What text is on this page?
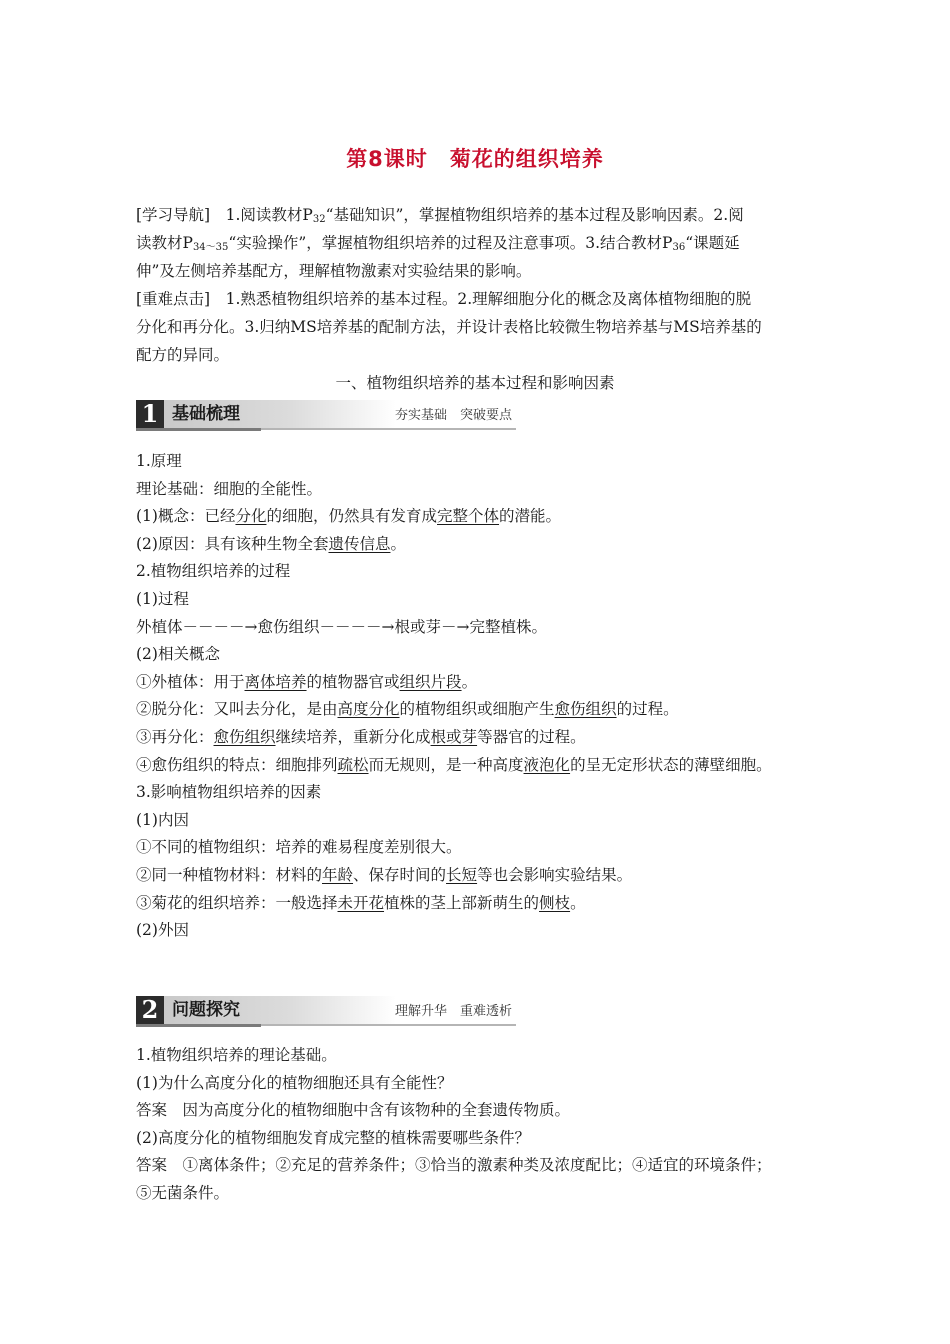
第8课时 菊花的组织培养
[学习导航]　1.阅读教材$P_{32}“$基础知识”，掌握植物组织培养的基本过程及影响因素。2.阅
读教材$P_{34\sim 35}“$实验操作”，掌握植物组织培养的过程及注意事项。3.结合教材$P_{36}“$课题延
伸”及左侧培养基配方，理解植物激素对实验结果的影响。
[重难点击]　1.熟悉植物组织培养的基本过程。2.理解细胞分化的概念及离体植物细胞的脱
分化和再分化。3.归纳MS培养基的配制方法，并设计表格比较微生物培养基与MS培养基的
配方的异同。
一、植物组织培养的基本过程和影响因素
1 基础梳理	夯实基础　突破要点
1.原理
理论基础：细胞的全能性。
(1)概念：已经分化的细胞，仍然具有发育成完整个体的潜能。
(2)原因：具有该种生物全套遗传信息。
2.植物组织培养的过程
(1)过程
外植体－－－－→愈伤组织－－－－→根或芽－→完整植株。
(2)相关概念
①外植体：用于离体培养的植物器官或组织片段。
②脱分化：又叫去分化，是由高度分化的植物组织或细胞产生愈伤组织的过程。
③再分化：愈伤组织继续培养，重新分化成根或芽等器官的过程。
④愈伤组织的特点：细胞排列疏松而无规则，是一种高度液泡化的呈无定形状态的薄壁细胞。
3.影响植物组织培养的因素
(1)内因
①不同的植物组织：培养的难易程度差别很大。
②同一种植物材料：材料的年龄、保存时间的长短等也会影响实验结果。
③菊花的组织培养：一般选择未开花植株的茎上部新萌生的侧枝。
(2)外因
2 问题探究	理解升华　重难透析
1.植物组织培养的理论基础。
(1)为什么高度分化的植物细胞还具有全能性？
答案　因为高度分化的植物细胞中含有该物种的全套遗传物质。
(2)高度分化的植物细胞发育成完整的植株需要哪些条件？
答案　①离体条件；②充足的营养条件；③恰当的激素种类及浓度配比；④适宜的环境条件；
⑤无菌条件。
